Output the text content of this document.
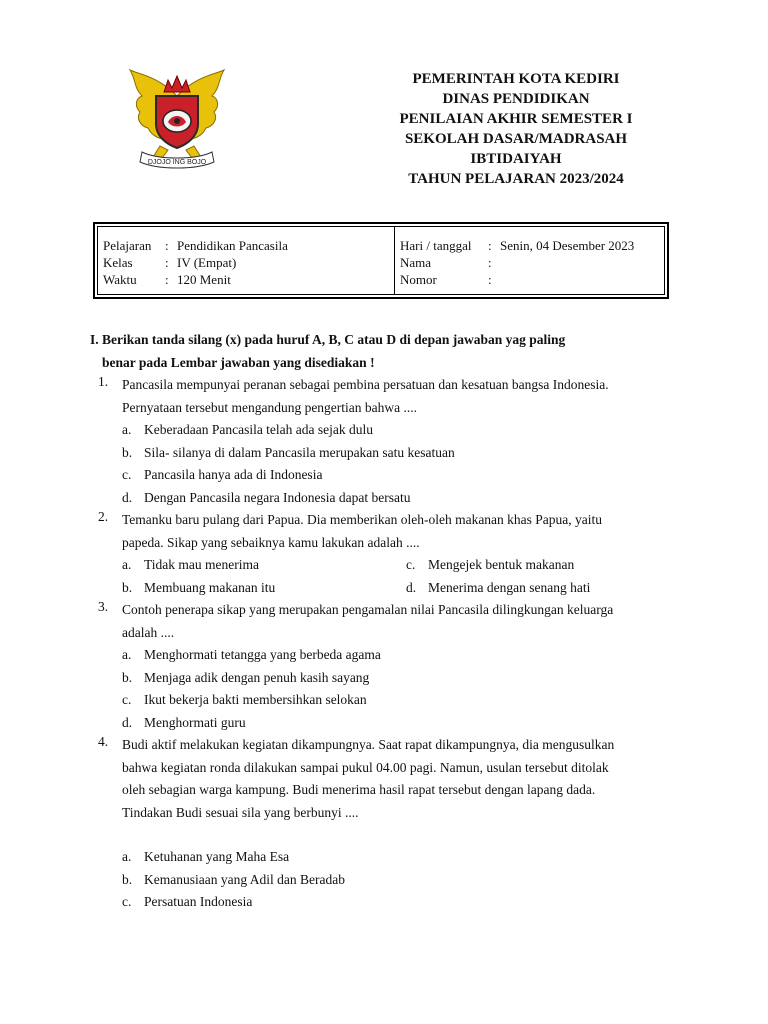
DJOJO ING BOJO
PEMERINTAH KOTA KEDIRI
DINAS PENDIDIKAN
PENILAIAN AKHIR SEMESTER I
SEKOLAH DASAR/MADRASAH
IBTIDAIYAH
TAHUN PELAJARAN 2023/2024
Pelajaran	: Pendidikan Pancasila
Kelas	: IV (Empat)
Waktu	: 120 Menit
Hari / tanggal	: Senin, 04 Desember 2023
Nama	:
Nomor	:
I. Berikan tanda silang (x) pada huruf A, B, C atau D di depan jawaban yag paling
benar pada Lembar jawaban yang disediakan !
1. Pancasila mempunyai peranan sebagai pembina persatuan dan kesatuan bangsa Indonesia.
Pernyataan tersebut mengandung pengertian bahwa ....
a. Keberadaan Pancasila telah ada sejak dulu
b. Sila- silanya di dalam Pancasila merupakan satu kesatuan
c. Pancasila hanya ada di Indonesia
d. Dengan Pancasila negara Indonesia dapat bersatu
2. Temanku baru pulang dari Papua. Dia memberikan oleh-oleh makanan khas Papua, yaitu
papeda. Sikap yang sebaiknya kamu lakukan adalah ....
a. Tidak mau menerima	c. Mengejek bentuk makanan
b. Membuang makanan itu	d. Menerima dengan senang hati
3. Contoh penerapa sikap yang merupakan pengamalan nilai Pancasila dilingkungan keluarga
adalah ....
a. Menghormati tetangga yang berbeda agama
b. Menjaga adik dengan penuh kasih sayang
c. Ikut bekerja bakti membersihkan selokan
d. Menghormati guru
4. Budi aktif melakukan kegiatan dikampungnya. Saat rapat dikampungnya, dia mengusulkan
bahwa kegiatan ronda dilakukan sampai pukul 04.00 pagi. Namun, usulan tersebut ditolak
oleh sebagian warga kampung. Budi menerima hasil rapat tersebut dengan lapang dada.
Tindakan Budi sesuai sila yang berbunyi ....
a. Ketuhanan yang Maha Esa
b. Kemanusiaan yang Adil dan Beradab
c. Persatuan Indonesia
